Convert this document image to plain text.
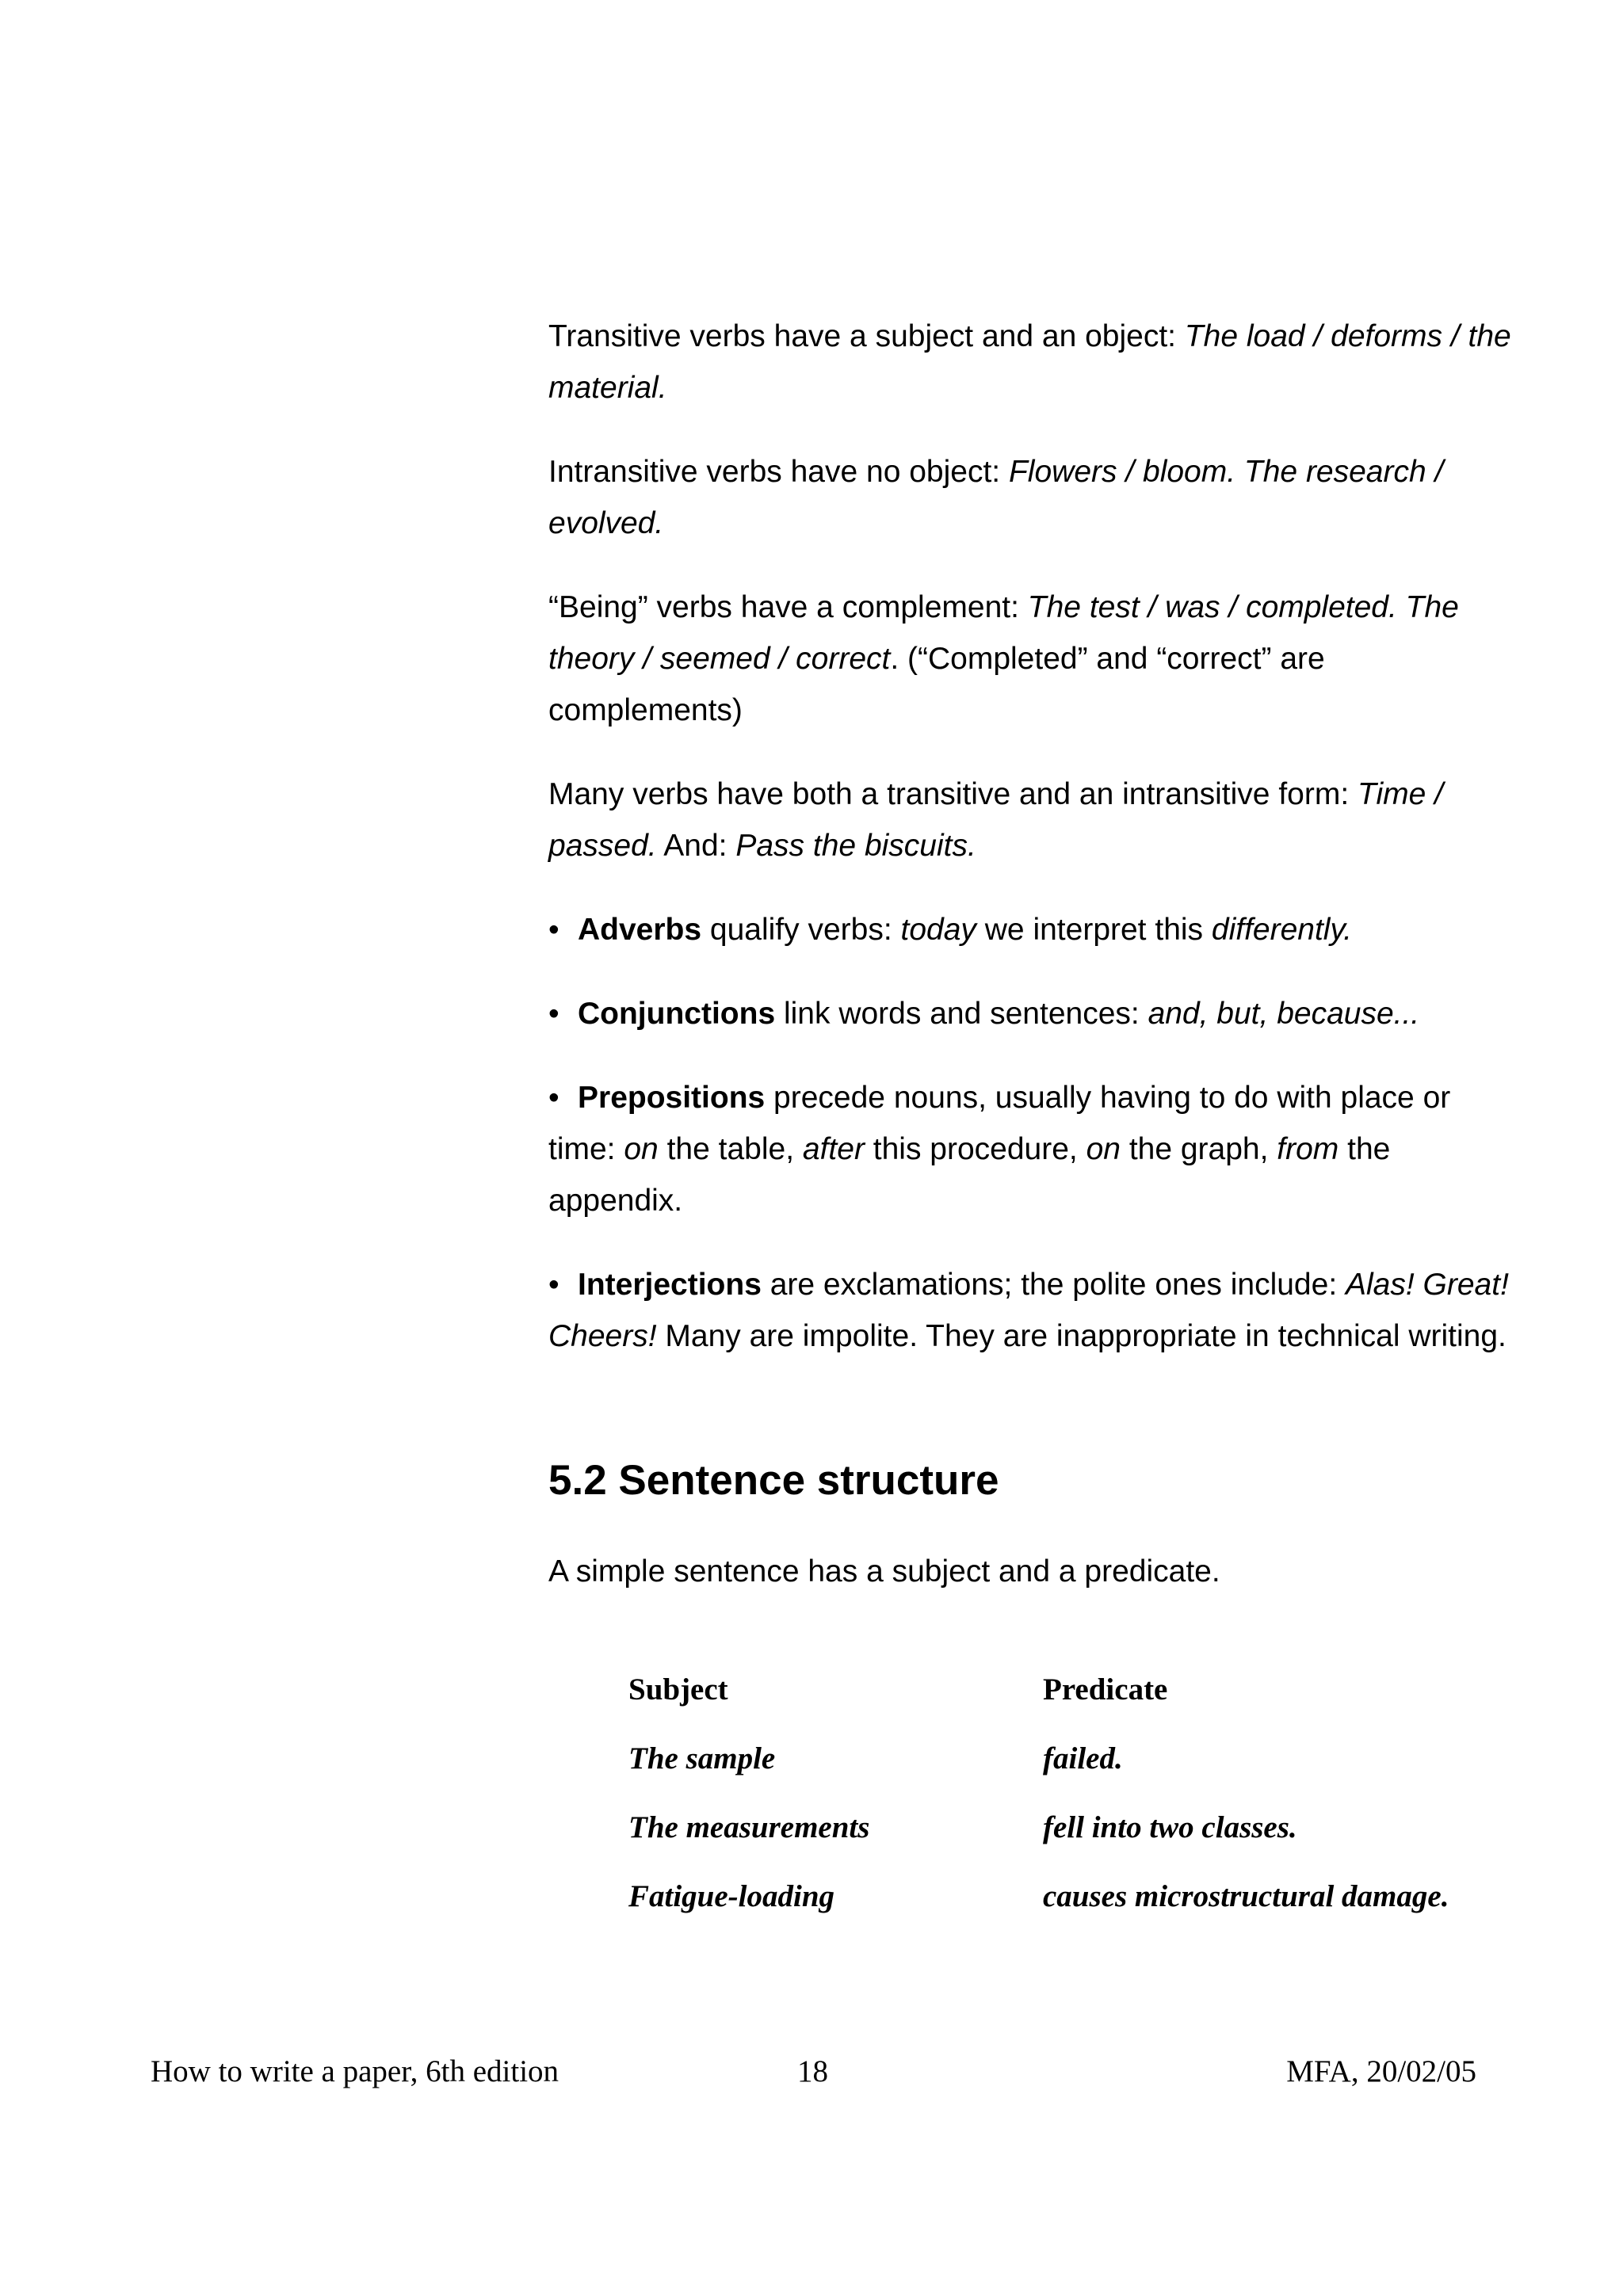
Transitive verbs have a subject and an object: The load / deforms / the material.

Intransitive verbs have no object: Flowers / bloom. The research / evolved.

“Being” verbs have a complement: The test / was / completed. The theory / seemed / correct. (“Completed” and “correct” are complements)

Many verbs have both a transitive and an intransitive form: Time / passed. And: Pass the biscuits.

• Adverbs qualify verbs: today we interpret this differently.

• Conjunctions link words and sentences: and, but, because...

• Prepositions precede nouns, usually having to do with place or time: on the table, after this procedure, on the graph, from the appendix.

• Interjections are exclamations; the polite ones include: Alas! Great! Cheers! Many are impolite. They are inappropriate in technical writing.

5.2 Sentence structure

A simple sentence has a subject and a predicate.

Subject	Predicate
The sample	failed.
The measurements	fell into two classes.
Fatigue-loading	causes microstructural damage.
How to write a paper, 6th edition	18	MFA, 20/02/05
